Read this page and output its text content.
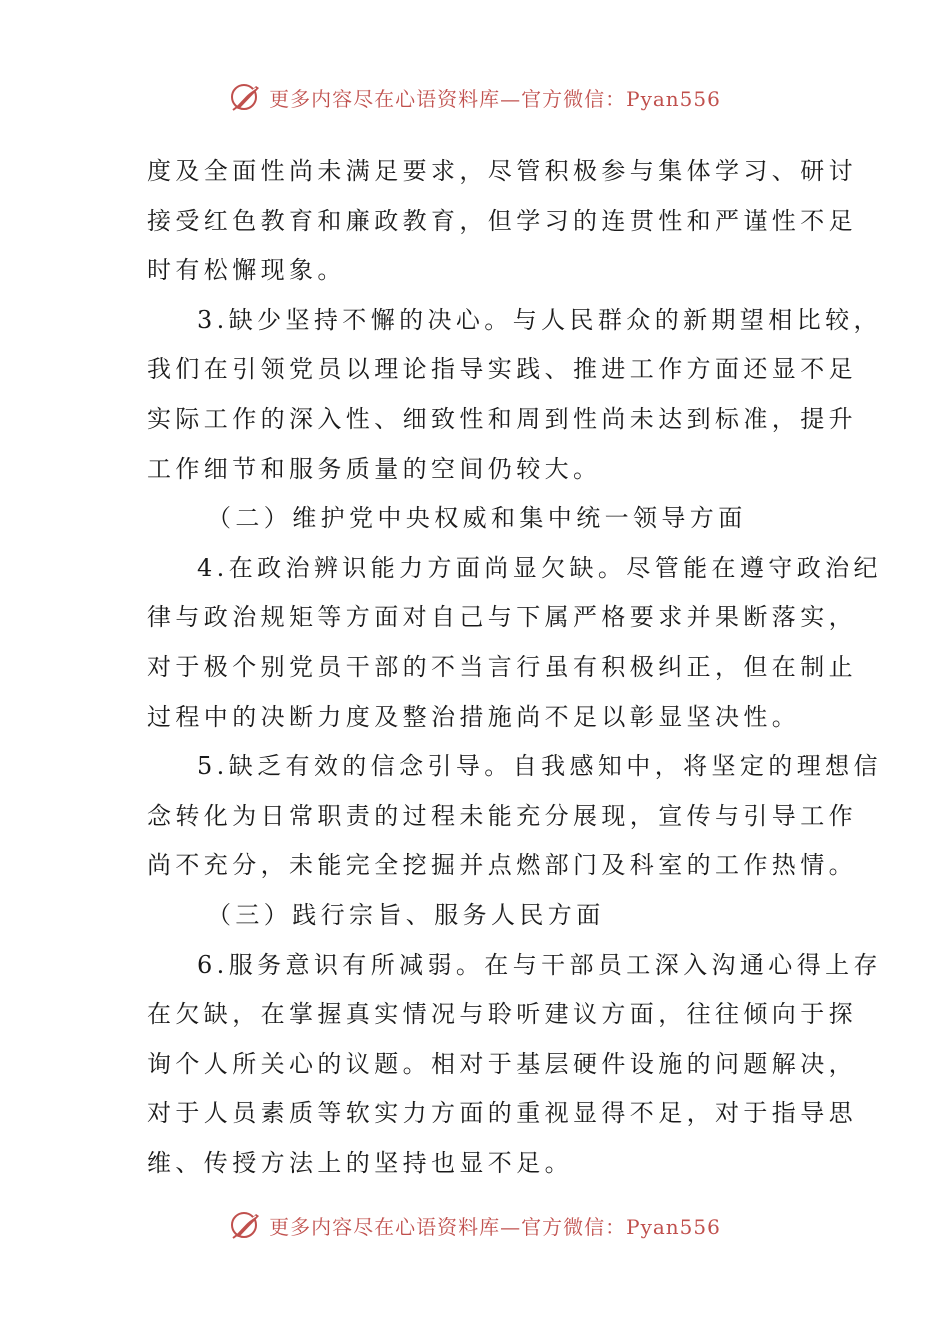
更多内容尽在心语资料库—官方微信：Pyan556
度及全面性尚未满足要求，尽管积极参与集体学习、研讨
接受红色教育和廉政教育，但学习的连贯性和严谨性不足
时有松懈现象。
3.缺少坚持不懈的决心。与人民群众的新期望相比较，
我们在引领党员以理论指导实践、推进工作方面还显不足
实际工作的深入性、细致性和周到性尚未达到标准，提升
工作细节和服务质量的空间仍较大。
（二）维护党中央权威和集中统一领导方面
4.在政治辨识能力方面尚显欠缺。尽管能在遵守政治纪
律与政治规矩等方面对自己与下属严格要求并果断落实，
对于极个别党员干部的不当言行虽有积极纠正，但在制止
过程中的决断力度及整治措施尚不足以彰显坚决性。
5.缺乏有效的信念引导。自我感知中，将坚定的理想信
念转化为日常职责的过程未能充分展现，宣传与引导工作
尚不充分，未能完全挖掘并点燃部门及科室的工作热情。
（三）践行宗旨、服务人民方面
6.服务意识有所减弱。在与干部员工深入沟通心得上存
在欠缺，在掌握真实情况与聆听建议方面，往往倾向于探
询个人所关心的议题。相对于基层硬件设施的问题解决，
对于人员素质等软实力方面的重视显得不足，对于指导思
维、传授方法上的坚持也显不足。
更多内容尽在心语资料库—官方微信：Pyan556
